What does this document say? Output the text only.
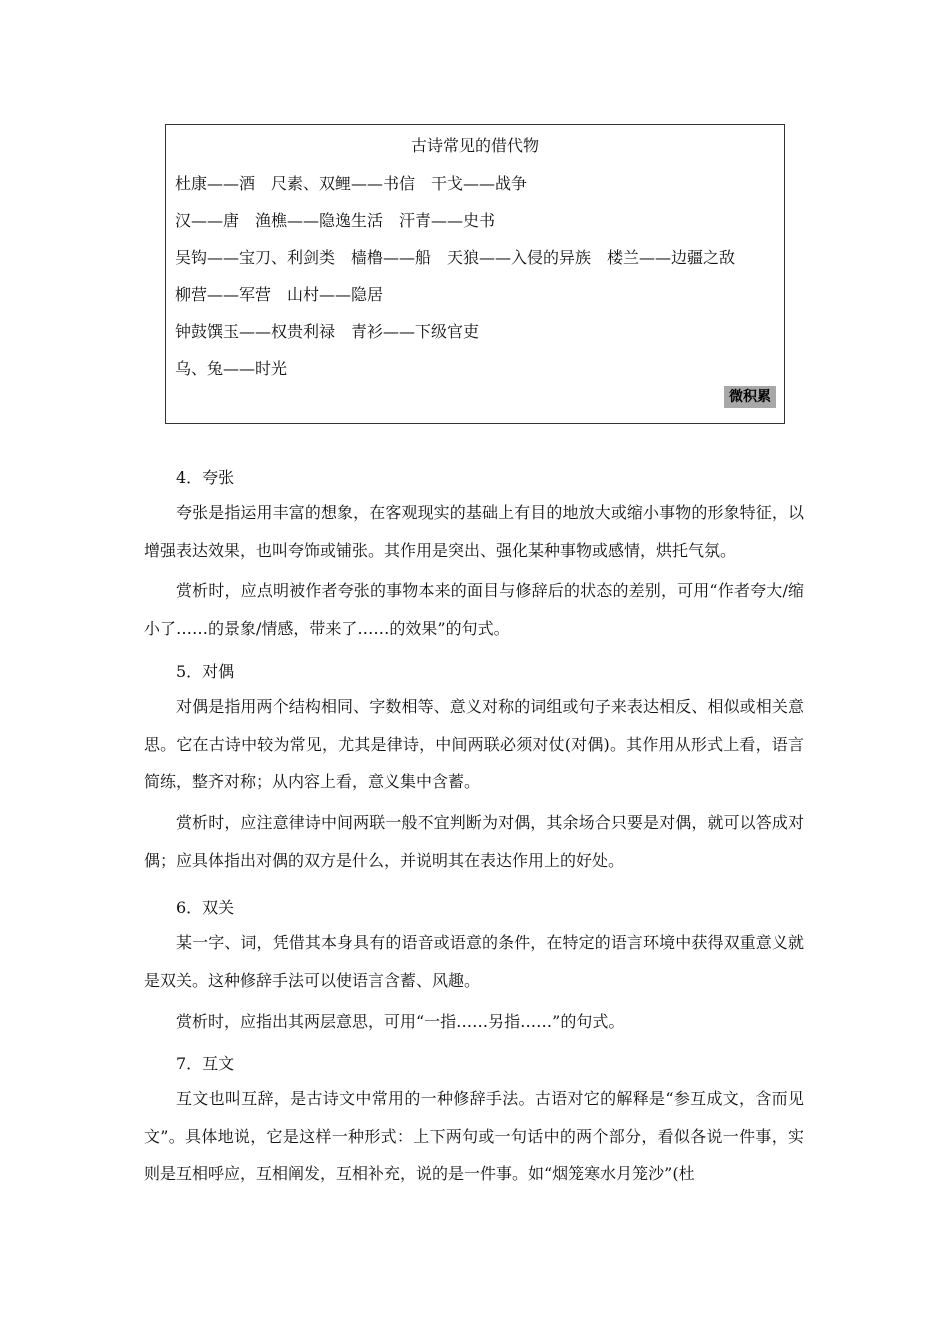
古诗常见的借代物
杜康——酒　尺素、双鲤——书信　干戈——战争
汉——唐　渔樵——隐逸生活　汗青——史书
吴钩——宝刀、利剑类　樯橹——船　天狼——入侵的异族　楼兰——边疆之敌
柳营——军营　山村——隐居
钟鼓馔玉——权贵利禄　青衫——下级官吏
乌、兔——时光
微积累
4．夸张

夸张是指运用丰富的想象，在客观现实的基础上有目的地放大或缩小事物的形象特征，以增强表达效果，也叫夸饰或铺张。其作用是突出、强化某种事物或感情，烘托气氛。

赏析时，应点明被作者夸张的事物本来的面目与修辞后的状态的差别，可用“作者夸大/缩小了……的景象/情感，带来了……的效果”的句式。

5．对偶

对偶是指用两个结构相同、字数相等、意义对称的词组或句子来表达相反、相似或相关意思。它在古诗中较为常见，尤其是律诗，中间两联必须对仗(对偶)。其作用从形式上看，语言简练，整齐对称；从内容上看，意义集中含蓄。

赏析时，应注意律诗中间两联一般不宜判断为对偶，其余场合只要是对偶，就可以答成对偶；应具体指出对偶的双方是什么，并说明其在表达作用上的好处。

6．双关

某一字、词，凭借其本身具有的语音或语意的条件，在特定的语言环境中获得双重意义就是双关。这种修辞手法可以使语言含蓄、风趣。

赏析时，应指出其两层意思，可用“一指……另指……”的句式。

7．互文

互文也叫互辞，是古诗文中常用的一种修辞手法。古语对它的解释是“参互成文，含而见文”。具体地说，它是这样一种形式：上下两句或一句话中的两个部分，看似各说一件事，实则是互相呼应，互相阐发，互相补充，说的是一件事。如“烟笼寒水月笼沙”(杜
